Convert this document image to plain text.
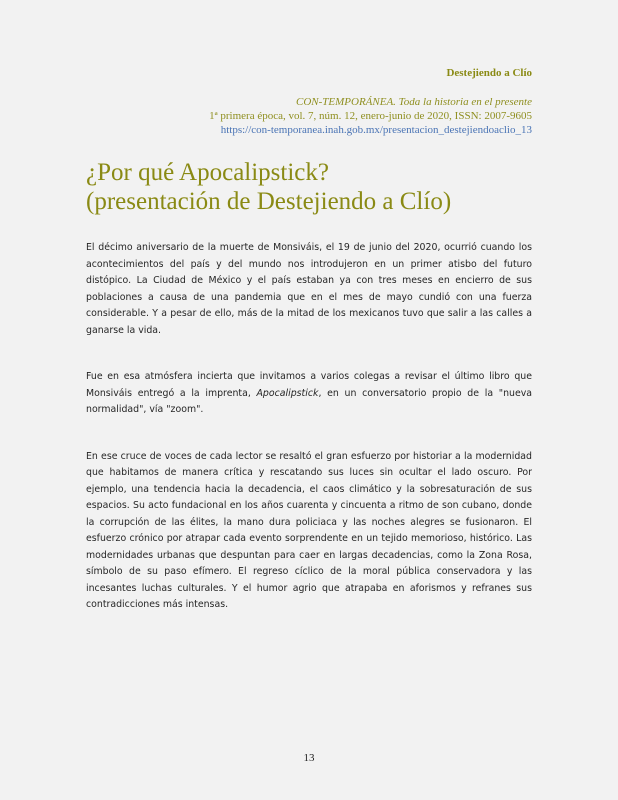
Destejiendo a Clío
CON-TEMPORÁNEA. Toda la historia en el presente
1ª primera época, vol. 7, núm. 12, enero-junio de 2020, ISSN: 2007-9605
https://con-temporanea.inah.gob.mx/presentacion_destejiendoaclio_13
¿Por qué Apocalipstick?
(presentación de Destejiendo a Clío)

El décimo aniversario de la muerte de Monsiváis, el 19 de junio del 2020, ocurrió cuando los acontecimientos del país y del mundo nos introdujeron en un primer atisbo del futuro distópico. La Ciudad de México y el país estaban ya con tres meses en encierro de sus poblaciones a causa de una pandemia que en el mes de mayo cundió con una fuerza considerable. Y a pesar de ello, más de la mitad de los mexicanos tuvo que salir a las calles a ganarse la vida.

Fue en esa atmósfera incierta que invitamos a varios colegas a revisar el último libro que Monsiváis entregó a la imprenta, Apocalipstick, en un conversatorio propio de la "nueva normalidad", vía "zoom".

En ese cruce de voces de cada lector se resaltó el gran esfuerzo por historiar a la modernidad que habitamos de manera crítica y rescatando sus luces sin ocultar el lado oscuro. Por ejemplo, una tendencia hacia la decadencia, el caos climático y la sobresaturación de sus espacios. Su acto fundacional en los años cuarenta y cincuenta a ritmo de son cubano, donde la corrupción de las élites, la mano dura policiaca y las noches alegres se fusionaron. El esfuerzo crónico por atrapar cada evento sorprendente en un tejido memorioso, histórico. Las modernidades urbanas que despuntan para caer en largas decadencias, como la Zona Rosa, símbolo de su paso efímero. El regreso cíclico de la moral pública conservadora y las incesantes luchas culturales. Y el humor agrio que atrapaba en aforismos y refranes sus contradicciones más intensas.

13
